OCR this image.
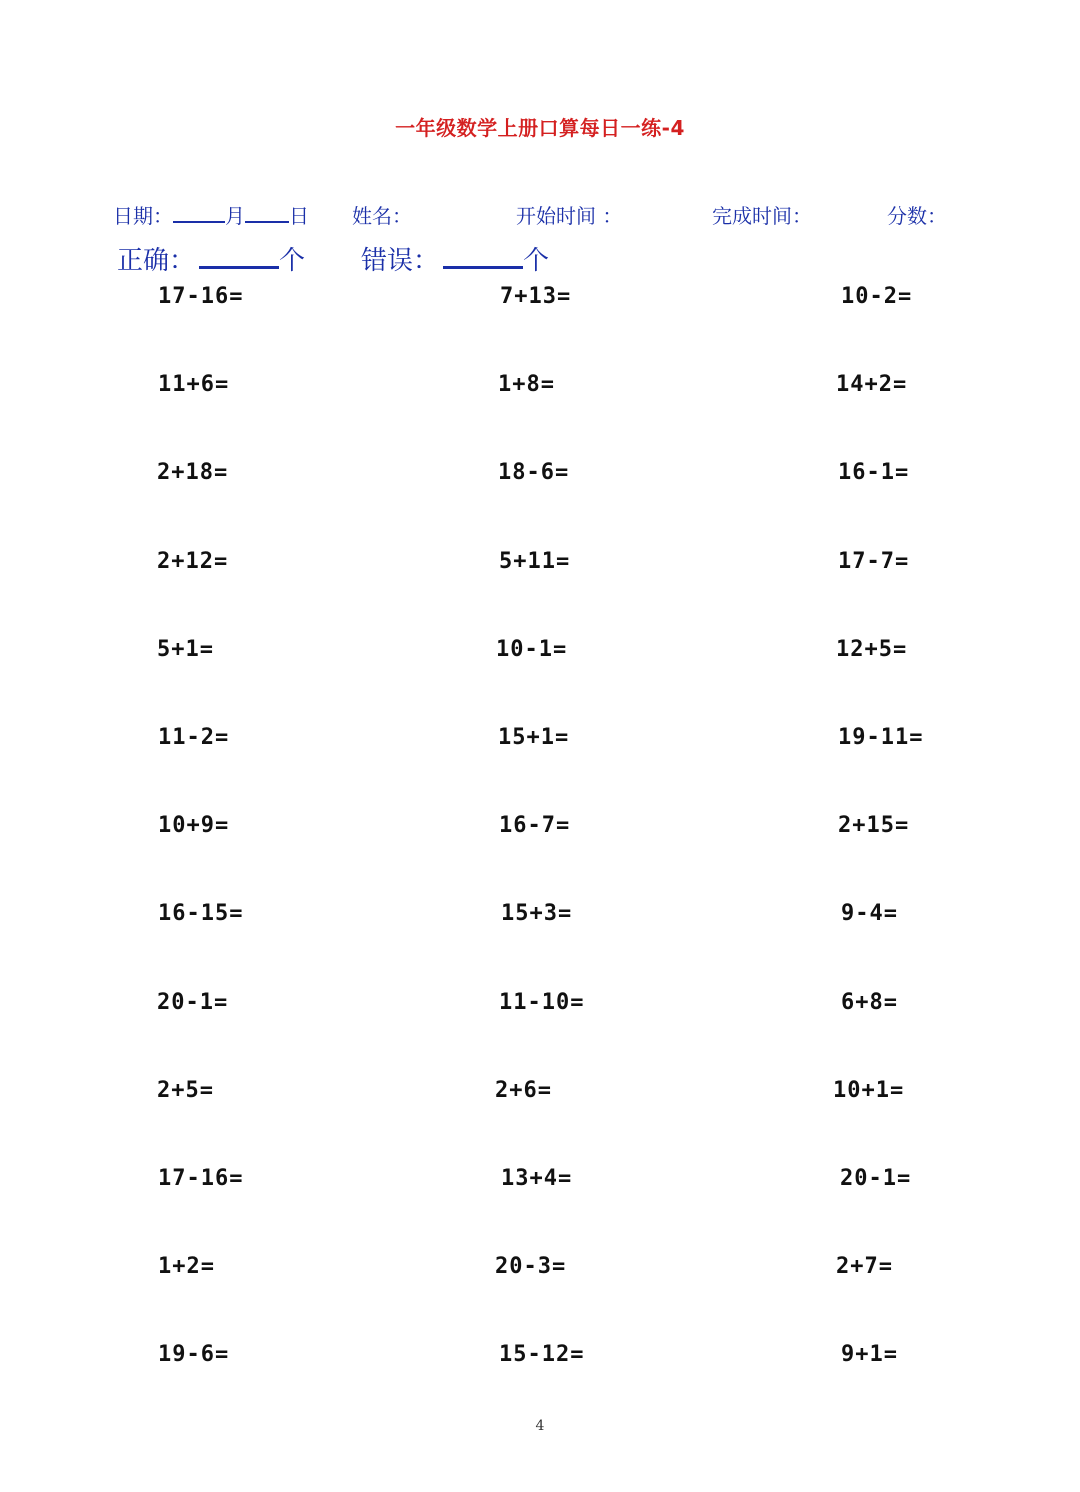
一年级数学上册口算每日一练-4
日期：	月 日 姓名：	开始时间 ：	完成时间：	分数：
正确：	个 错误：	个
17-16=	7+13=	10-2=
11+6=	1+8=	14+2=
2+18=	18-6=	16-1=
2+12=	5+11=	17-7=
5+1=	10-1=	12+5=
11-2=	15+1=	19-11=
10+9=	16-7=	2+15=
16-15=	15+3=	9-4=
20-1=	11-10=	6+8=
2+5=	2+6=	10+1=
17-16=	13+4=	20-1=
1+2=	20-3=	2+7=
19-6=	15-12=	9+1=
4
